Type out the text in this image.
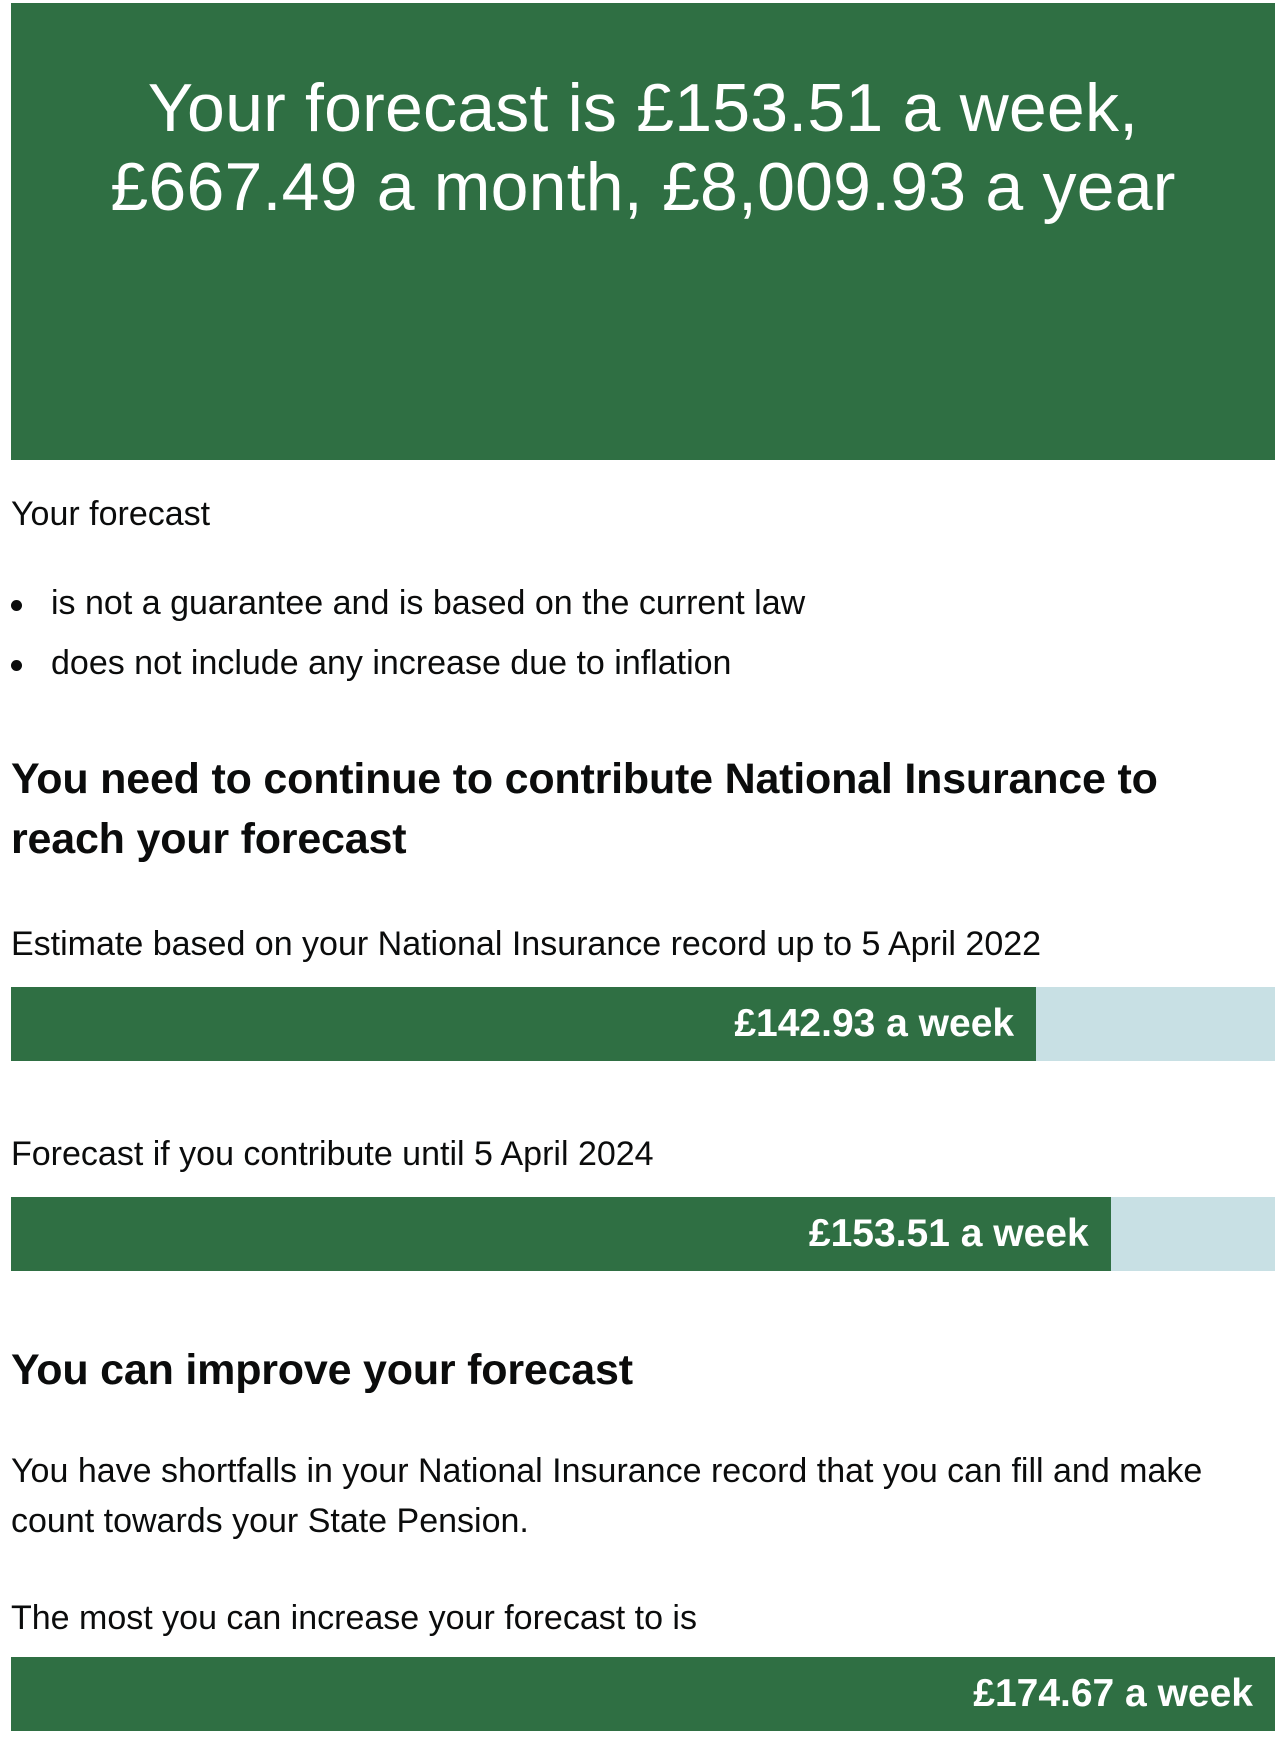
Your forecast is £153.51 a week, £667.49 a month, £8,009.93 a year

Your forecast

is not a guarantee and is based on the current law
does not include any increase due to inflation
You need to continue to contribute National Insurance to reach your forecast

Estimate based on your National Insurance record up to 5 April 2022

£142.93 a week

Forecast if you contribute until 5 April 2024

£153.51 a week
You can improve your forecast

You have shortfalls in your National Insurance record that you can fill and make count towards your State Pension.

The most you can increase your forecast to is

£174.67 a week
